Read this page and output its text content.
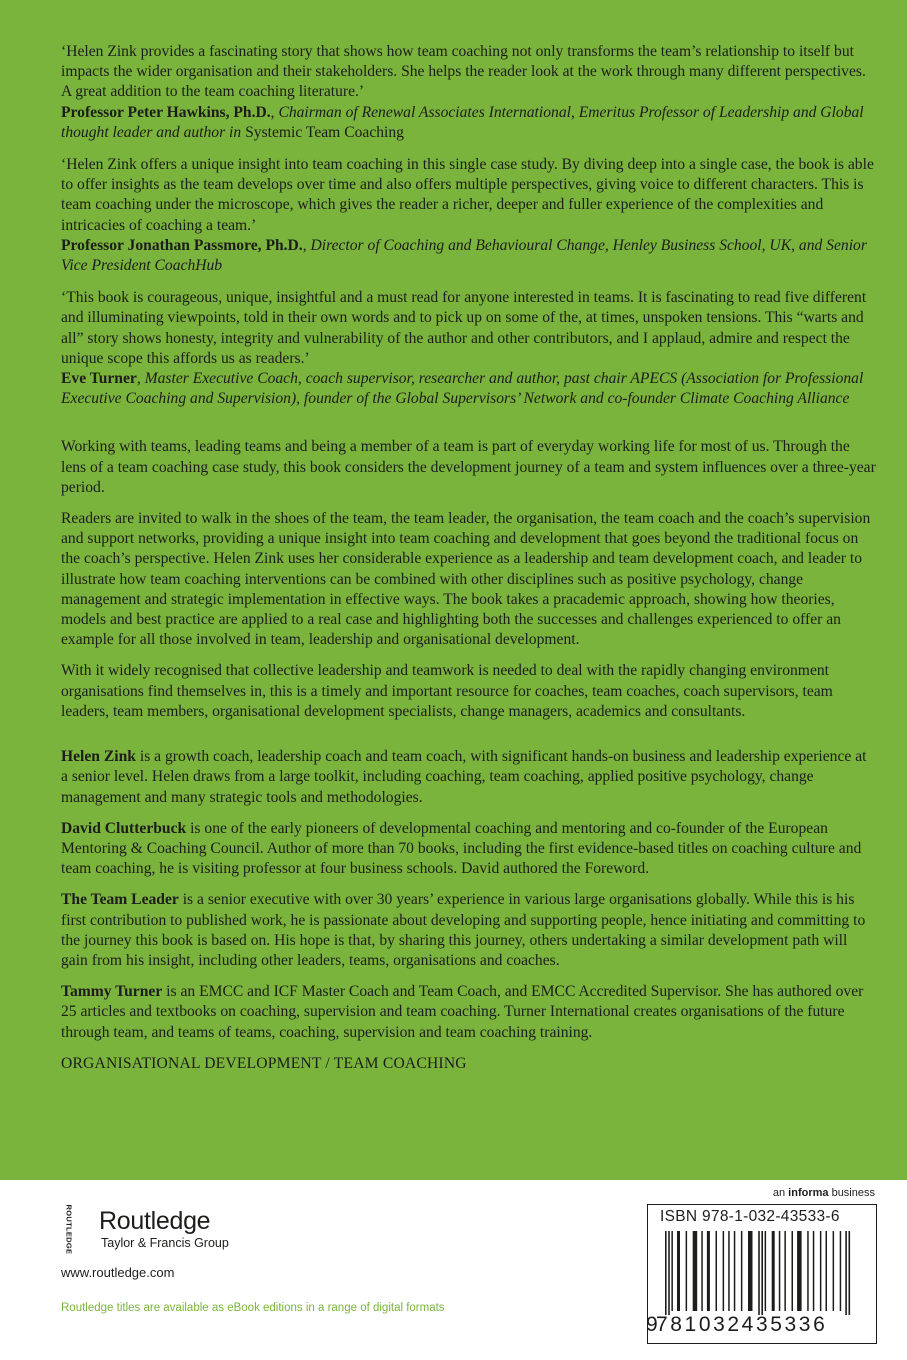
‘Helen Zink provides a fascinating story that shows how team coaching not only transforms the team’s relationship to itself but impacts the wider organisation and their stakeholders. She helps the reader look at the work through many different perspectives. A great addition to the team coaching literature.’

Professor Peter Hawkins, Ph.D., Chairman of Renewal Associates International, Emeritus Professor of Leadership and Global thought leader and author in Systemic Team Coaching

‘Helen Zink offers a unique insight into team coaching in this single case study. By diving deep into a single case, the book is able to offer insights as the team develops over time and also offers multiple perspectives, giving voice to different characters. This is team coaching under the microscope, which gives the reader a richer, deeper and fuller experience of the complexities and intricacies of coaching a team.’

Professor Jonathan Passmore, Ph.D., Director of Coaching and Behavioural Change, Henley Business School, UK, and Senior Vice President CoachHub

‘This book is courageous, unique, insightful and a must read for anyone interested in teams. It is fascinating to read five different and illuminating viewpoints, told in their own words and to pick up on some of the, at times, unspoken tensions. This “warts and all” story shows honesty, integrity and vulnerability of the author and other contributors, and I applaud, admire and respect the unique scope this affords us as readers.’

Eve Turner, Master Executive Coach, coach supervisor, researcher and author, past chair APECS (Association for Professional Executive Coaching and Supervision), founder of the Global Supervisors’ Network and co-founder Climate Coaching Alliance

Working with teams, leading teams and being a member of a team is part of everyday working life for most of us. Through the lens of a team coaching case study, this book considers the development journey of a team and system influences over a three-year period.

Readers are invited to walk in the shoes of the team, the team leader, the organisation, the team coach and the coach’s supervision and support networks, providing a unique insight into team coaching and development that goes beyond the traditional focus on the coach’s perspective. Helen Zink uses her considerable experience as a leadership and team development coach, and leader to illustrate how team coaching interventions can be combined with other disciplines such as positive psychology, change management and strategic implementation in effective ways. The book takes a pracademic approach, showing how theories, models and best practice are applied to a real case and highlighting both the successes and challenges experienced to offer an example for all those involved in team, leadership and organisational development.

With it widely recognised that collective leadership and teamwork is needed to deal with the rapidly changing environment organisations find themselves in, this is a timely and important resource for coaches, team coaches, coach supervisors, team leaders, team members, organisational development specialists, change managers, academics and consultants.

Helen Zink is a growth coach, leadership coach and team coach, with significant hands-on business and leadership experience at a senior level. Helen draws from a large toolkit, including coaching, team coaching, applied positive psychology, change management and many strategic tools and methodologies.

David Clutterbuck is one of the early pioneers of developmental coaching and mentoring and co-founder of the European Mentoring & Coaching Council. Author of more than 70 books, including the first evidence-based titles on coaching culture and team coaching, he is visiting professor at four business schools. David authored the Foreword.

The Team Leader is a senior executive with over 30 years’ experience in various large organisations globally. While this is his first contribution to published work, he is passionate about developing and supporting people, hence initiating and committing to the journey this book is based on. His hope is that, by sharing this journey, others undertaking a similar development path will gain from his insight, including other leaders, teams, organisations and coaches.

Tammy Turner is an EMCC and ICF Master Coach and Team Coach, and EMCC Accredited Supervisor. She has authored over 25 articles and textbooks on coaching, supervision and team coaching. Turner International creates organisations of the future through team, and teams of teams, coaching, supervision and team coaching training.

ORGANISATIONAL DEVELOPMENT / TEAM COACHING

an informa business
ROUTLEDGE Routledge
Taylor & Francis Group
www.routledge.com
Routledge titles are available as eBook editions in a range of digital formats
ISBN 978-1-032-43533-6
9
781032435336
